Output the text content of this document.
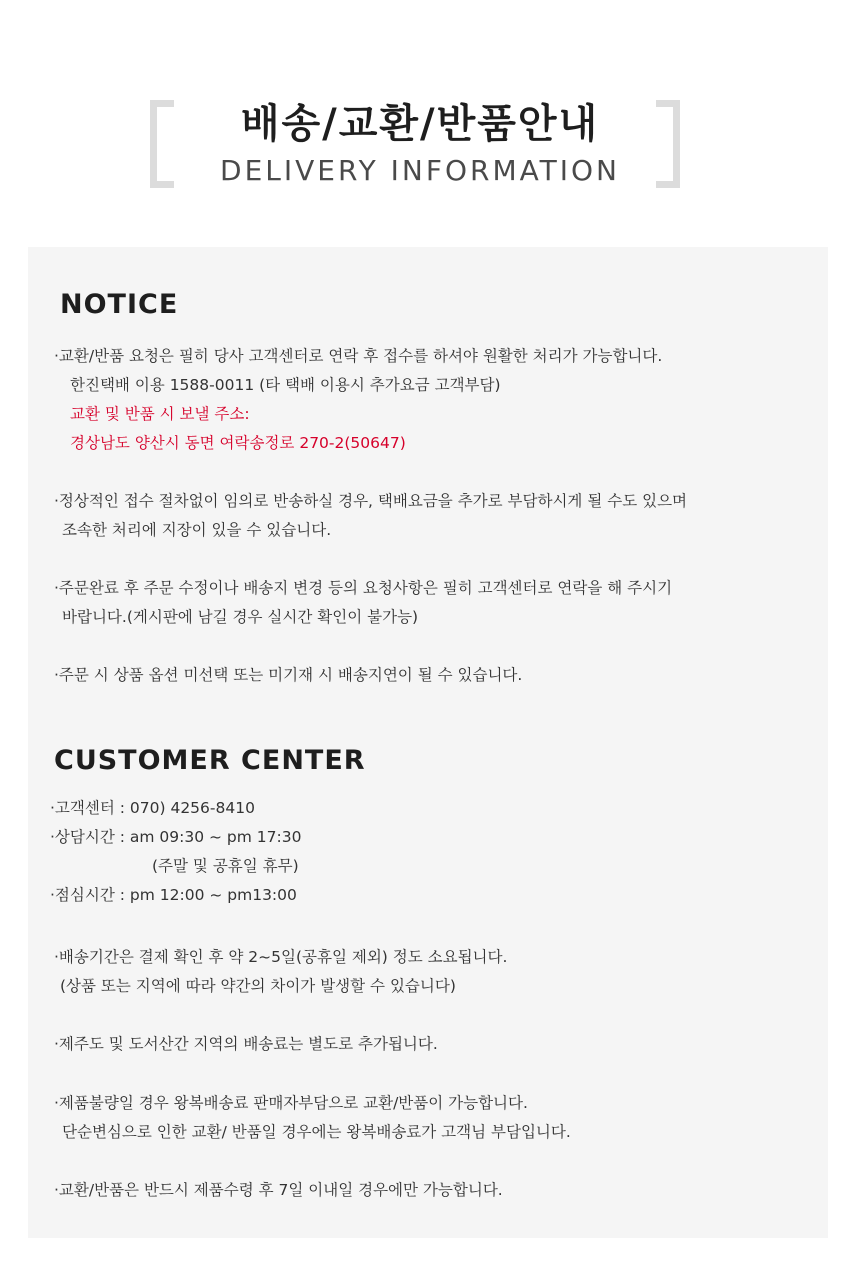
배송/교환/반품안내
DELIVERY INFORMATION
NOTICE
·교환/반품 요청은 필히 당사 고객센터로 연락 후 접수를 하셔야 원활한 처리가 가능합니다.
한진택배 이용 1588-0011 (타 택배 이용시 추가요금 고객부담)
교환 및 반품 시 보낼 주소:
경상남도 양산시 동면 여락송정로 270-2(50647)
·정상적인 접수 절차없이 임의로 반송하실 경우, 택배요금을 추가로 부담하시게 될 수도 있으며
조속한 처리에 지장이 있을 수 있습니다.
·주문완료 후 주문 수정이나 배송지 변경 등의 요청사항은 필히 고객센터로 연락을 해 주시기
바랍니다.(게시판에 남길 경우 실시간 확인이 불가능)
·주문 시 상품 옵션 미선택 또는 미기재 시 배송지연이 될 수 있습니다.
CUSTOMER CENTER
·고객센터 : 070) 4256-8410
·상담시간 : am 09:30 ~ pm 17:30
(주말 및 공휴일 휴무)
·점심시간 : pm 12:00 ~ pm13:00
·배송기간은 결제 확인 후 약 2~5일(공휴일 제외) 정도 소요됩니다.
(상품 또는 지역에 따라 약간의 차이가 발생할 수 있습니다)
·제주도 및 도서산간 지역의 배송료는 별도로 추가됩니다.
·제품불량일 경우 왕복배송료 판매자부담으로 교환/반품이 가능합니다.
단순변심으로 인한 교환/ 반품일 경우에는 왕복배송료가 고객님 부담입니다.
·교환/반품은 반드시 제품수령 후 7일 이내일 경우에만 가능합니다.
